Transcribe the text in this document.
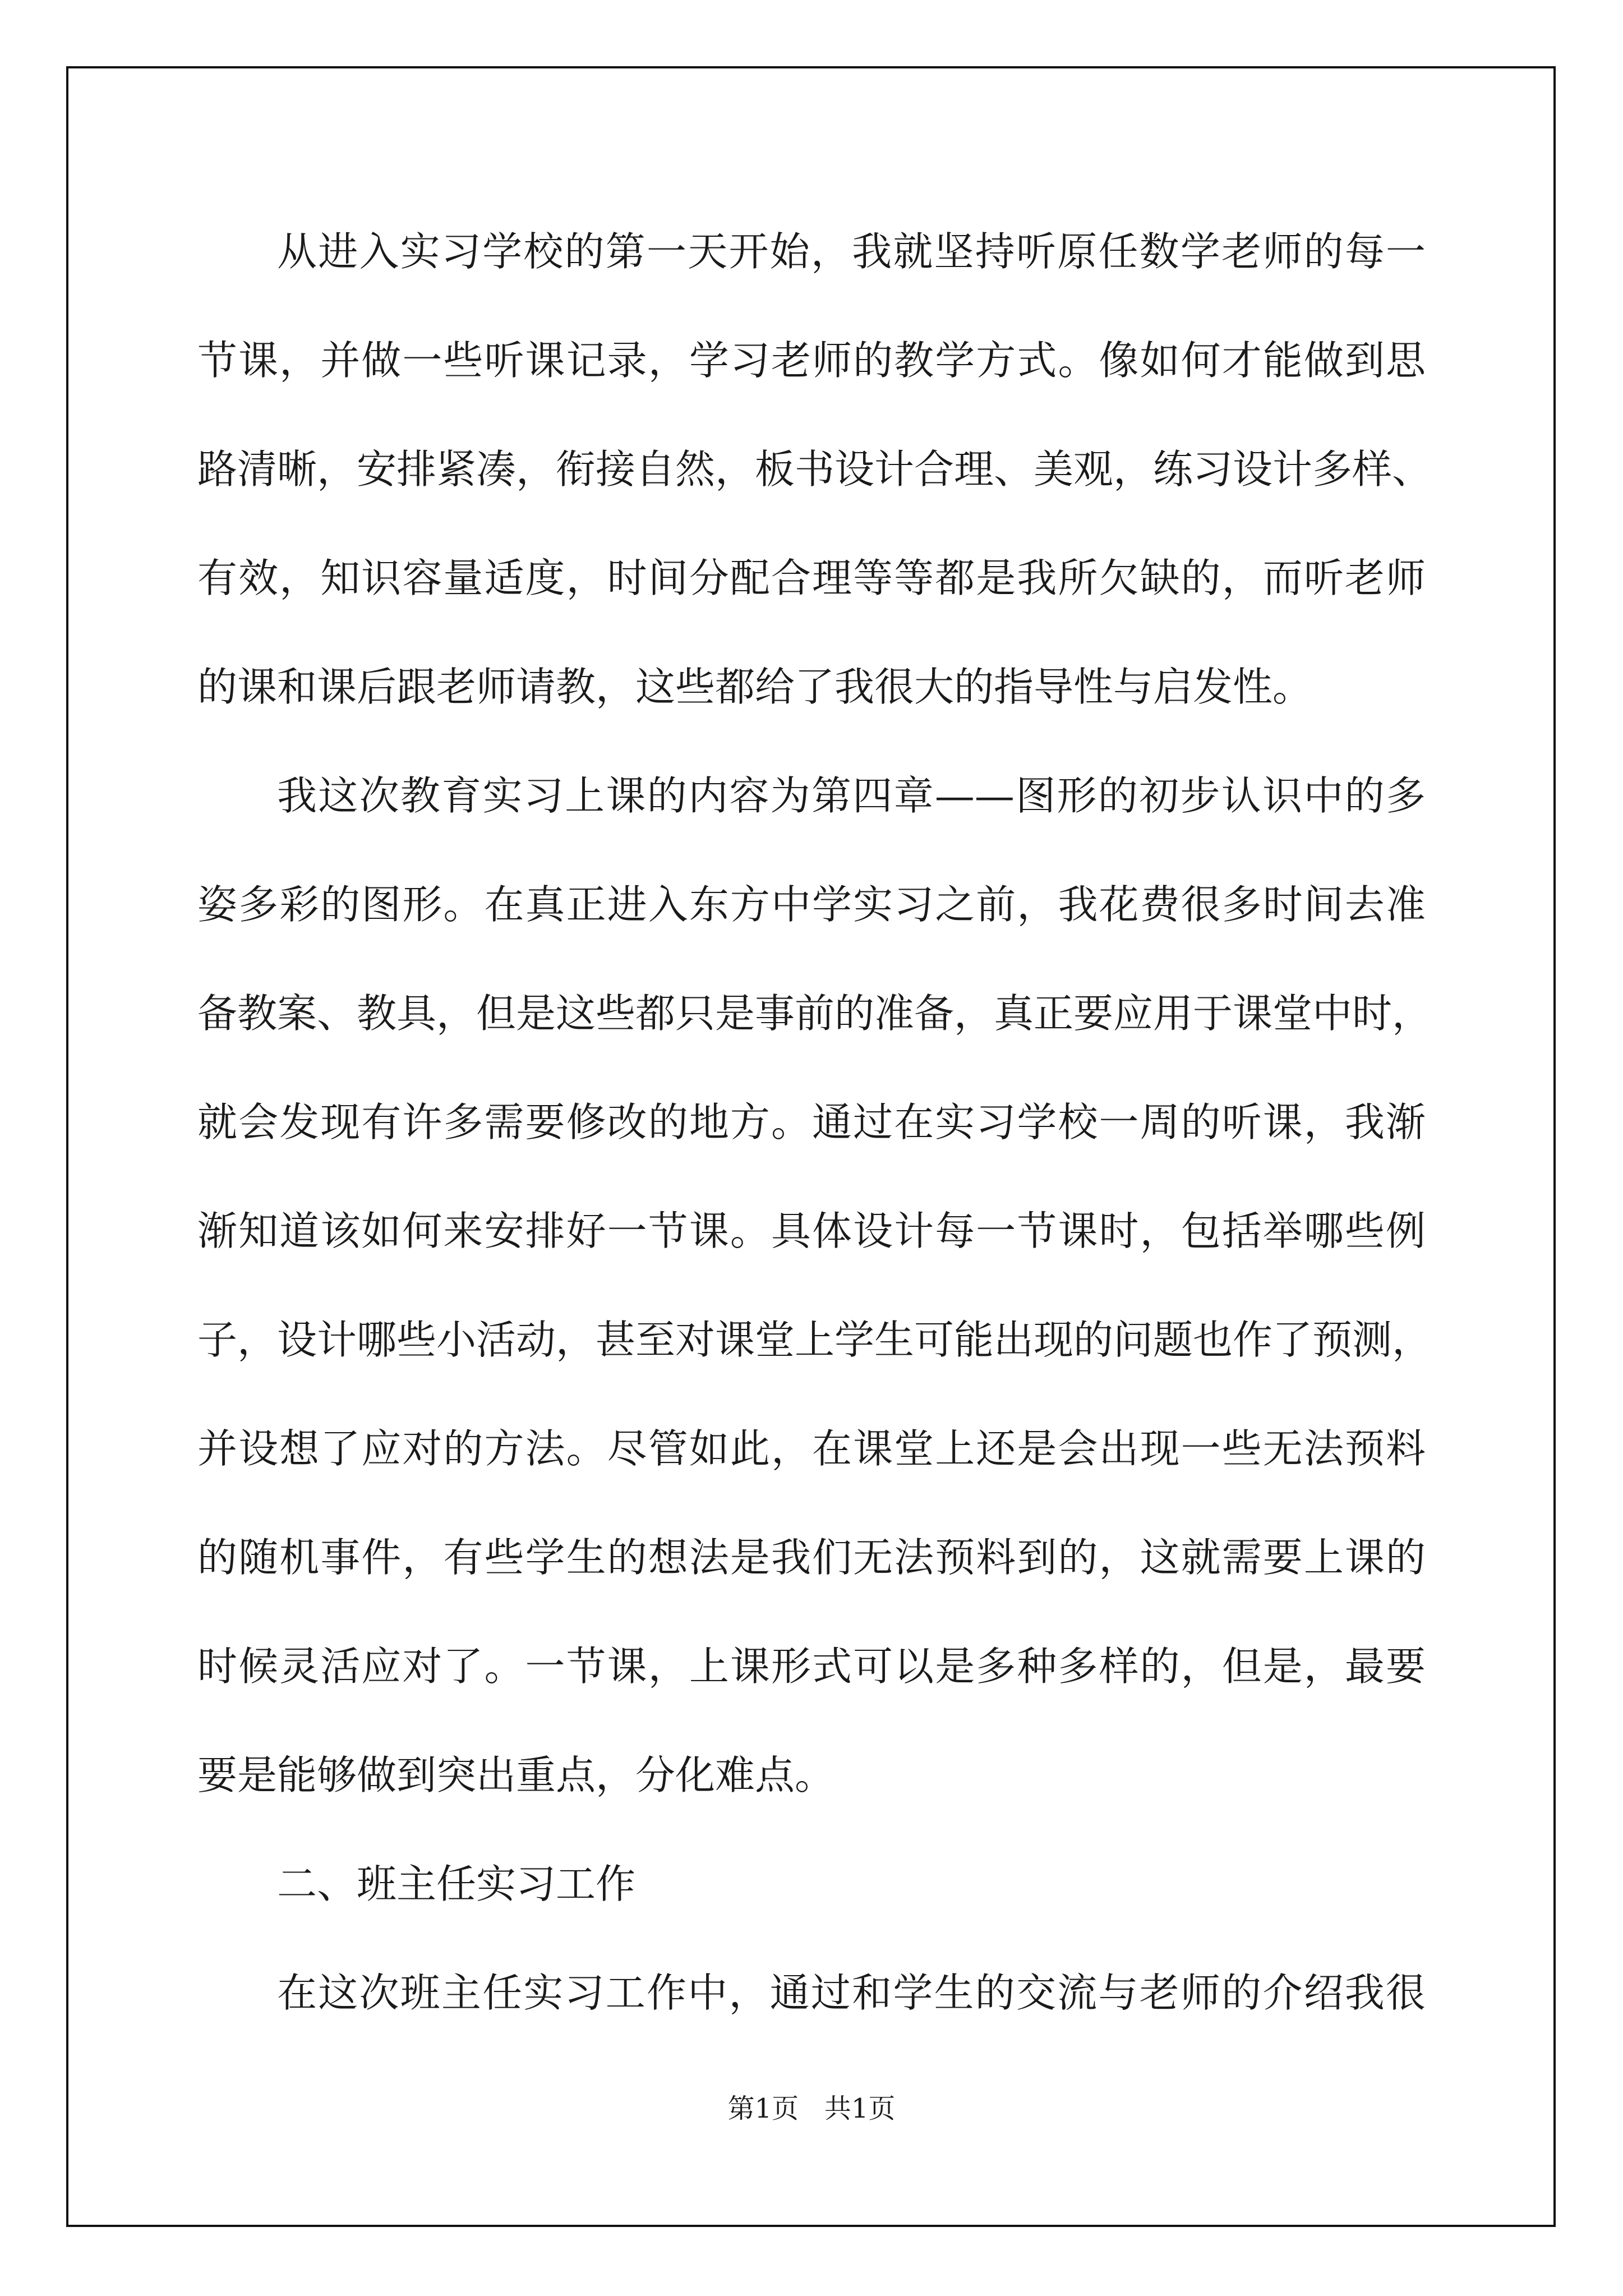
从进入实习学校的第一天开始，我就坚持听原任数学老师的每一
节课，并做一些听课记录，学习老师的教学方式。像如何才能做到思
路清晰，安排紧凑，衔接自然，板书设计合理、美观，练习设计多样、
有效，知识容量适度，时间分配合理等等都是我所欠缺的，而听老师
的课和课后跟老师请教，这些都给了我很大的指导性与启发性。
我这次教育实习上课的内容为第四章——图形的初步认识中的多
姿多彩的图形。在真正进入东方中学实习之前，我花费很多时间去准
备教案、教具，但是这些都只是事前的准备，真正要应用于课堂中时，
就会发现有许多需要修改的地方。通过在实习学校一周的听课，我渐
渐知道该如何来安排好一节课。具体设计每一节课时，包括举哪些例
子，设计哪些小活动，甚至对课堂上学生可能出现的问题也作了预测，
并设想了应对的方法。尽管如此，在课堂上还是会出现一些无法预料
的随机事件，有些学生的想法是我们无法预料到的，这就需要上课的
时候灵活应对了。一节课，上课形式可以是多种多样的，但是，最要
要是能够做到突出重点，分化难点。
二、班主任实习工作
在这次班主任实习工作中，通过和学生的交流与老师的介绍我很
第1页   共1页
